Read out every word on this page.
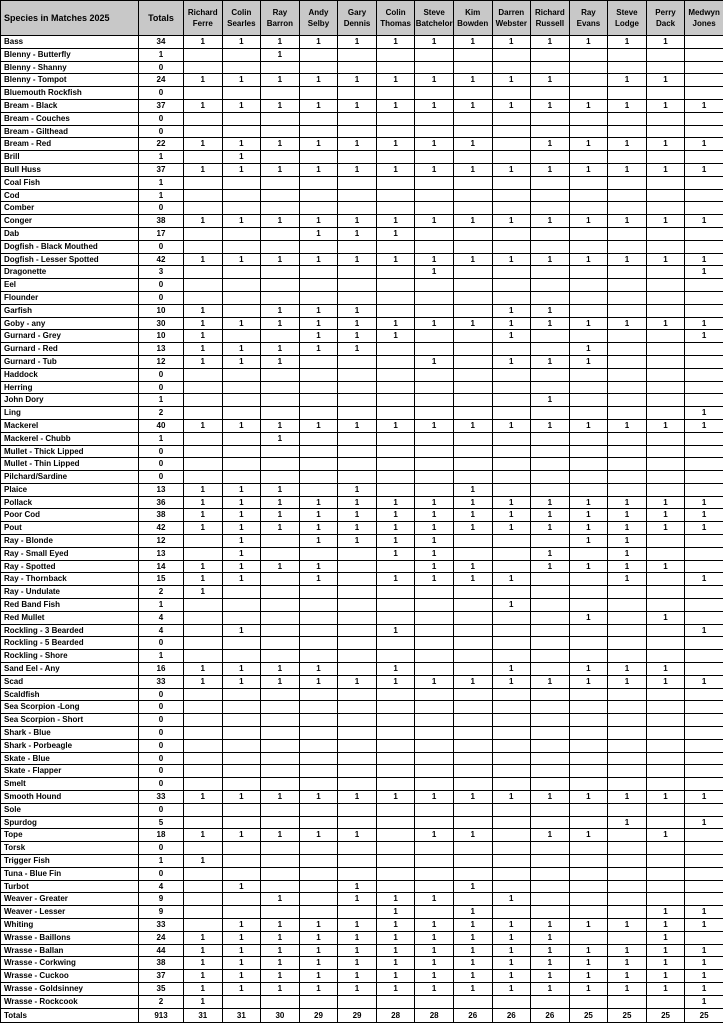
Species in Matches 2025	Totals	Richard Ferre	Colin Searles	Ray Barron	Andy Selby	Gary Dennis	Colin Thomas	Steve Batchelor	Kim Bowden	Darren Webster	Richard Russell	Ray Evans	Steve Lodge	Perry Dack	Medwyn Jones
Bass	34	1	1	1	1	1	1	1	1	1	1	1	1	1	
Blenny - Butterfly	1			1											
Blenny - Shanny	0														
Blenny - Tompot	24	1	1	1	1	1	1	1	1	1	1		1	1	
Bluemouth Rockfish	0														
Bream - Black	37	1	1	1	1	1	1	1	1	1	1	1	1	1	1
Bream - Couches	0														
Bream - Gilthead	0														
Bream - Red	22	1	1	1	1	1	1	1	1		1	1	1	1	1
Brill	1		1												
Bull Huss	37	1	1	1	1	1	1	1	1	1	1	1	1	1	1
Coal Fish	1														
Cod	1														
Comber	0														
Conger	38	1	1	1	1	1	1	1	1	1	1	1	1	1	1
Dab	17				1	1	1								
Dogfish - Black Mouthed	0														
Dogfish - Lesser Spotted	42	1	1	1	1	1	1	1	1	1	1	1	1	1	1
Dragonette	3							1							1
Eel	0														
Flounder	0														
Garfish	10	1		1	1	1				1	1				
Goby - any	30	1	1	1	1	1	1	1	1	1	1	1	1	1	1
Gurnard - Grey	10	1			1	1	1			1					1
Gurnard - Red	13	1	1	1	1	1						1			
Gurnard - Tub	12	1	1	1				1		1	1	1			
Haddock	0														
Herring	0														
John Dory	1										1				
Ling	2														1
Mackerel	40	1	1	1	1	1	1	1	1	1	1	1	1	1	1
Mackerel - Chubb	1			1											
Mullet - Thick Lipped	0														
Mullet - Thin Lipped	0														
Pilchard/Sardine	0														
Plaice	13	1	1	1		1			1						
Pollack	36	1	1	1	1	1	1	1	1	1	1	1	1	1	1
Poor Cod	38	1	1	1	1	1	1	1	1	1	1	1	1	1	1
Pout	42	1	1	1	1	1	1	1	1	1	1	1	1	1	1
Ray - Blonde	12		1		1	1	1	1				1	1		
Ray - Small Eyed	13		1				1	1			1		1		
Ray - Spotted	14	1	1	1	1			1	1		1	1	1	1	
Ray - Thornback	15	1	1		1		1	1	1	1			1		1
Ray - Undulate	2	1													
Red Band Fish	1									1					
Red Mullet	4											1		1	
Rockling - 3 Bearded	4		1				1								1
Rockling - 5 Bearded	0														
Rockling - Shore	1														
Sand Eel - Any	16	1	1	1	1		1			1		1	1	1	
Scad	33	1	1	1	1	1	1	1	1	1	1	1	1	1	1
Scaldfish	0														
Sea Scorpion -Long	0														
Sea Scorpion - Short	0														
Shark - Blue	0														
Shark - Porbeagle	0														
Skate - Blue	0														
Skate - Flapper	0														
Smelt	0														
Smooth Hound	33	1	1	1	1	1	1	1	1	1	1	1	1	1	1
Sole	0														
Spurdog	5												1		1
Tope	18	1	1	1	1	1		1	1		1	1		1	
Torsk	0														
Trigger Fish	1	1													
Tuna - Blue Fin	0														
Turbot	4		1			1			1						
Weaver - Greater	9			1		1	1	1		1					
Weaver - Lesser	9						1		1					1	1
Whiting	33		1	1	1	1	1	1	1	1	1	1	1	1	1
Wrasse - Baillons	24	1	1	1	1	1	1	1	1	1	1			1	
Wrasse - Ballan	44	1	1	1	1	1	1	1	1	1	1	1	1	1	1
Wrasse - Corkwing	38	1	1	1	1	1	1	1	1	1	1	1	1	1	1
Wrasse - Cuckoo	37	1	1	1	1	1	1	1	1	1	1	1	1	1	1
Wrasse - Goldsinney	35	1	1	1	1	1	1	1	1	1	1	1	1	1	1
Wrasse - Rockcook	2	1													1
Totals	913	31	31	30	29	29	28	28	26	26	26	25	25	25	25
